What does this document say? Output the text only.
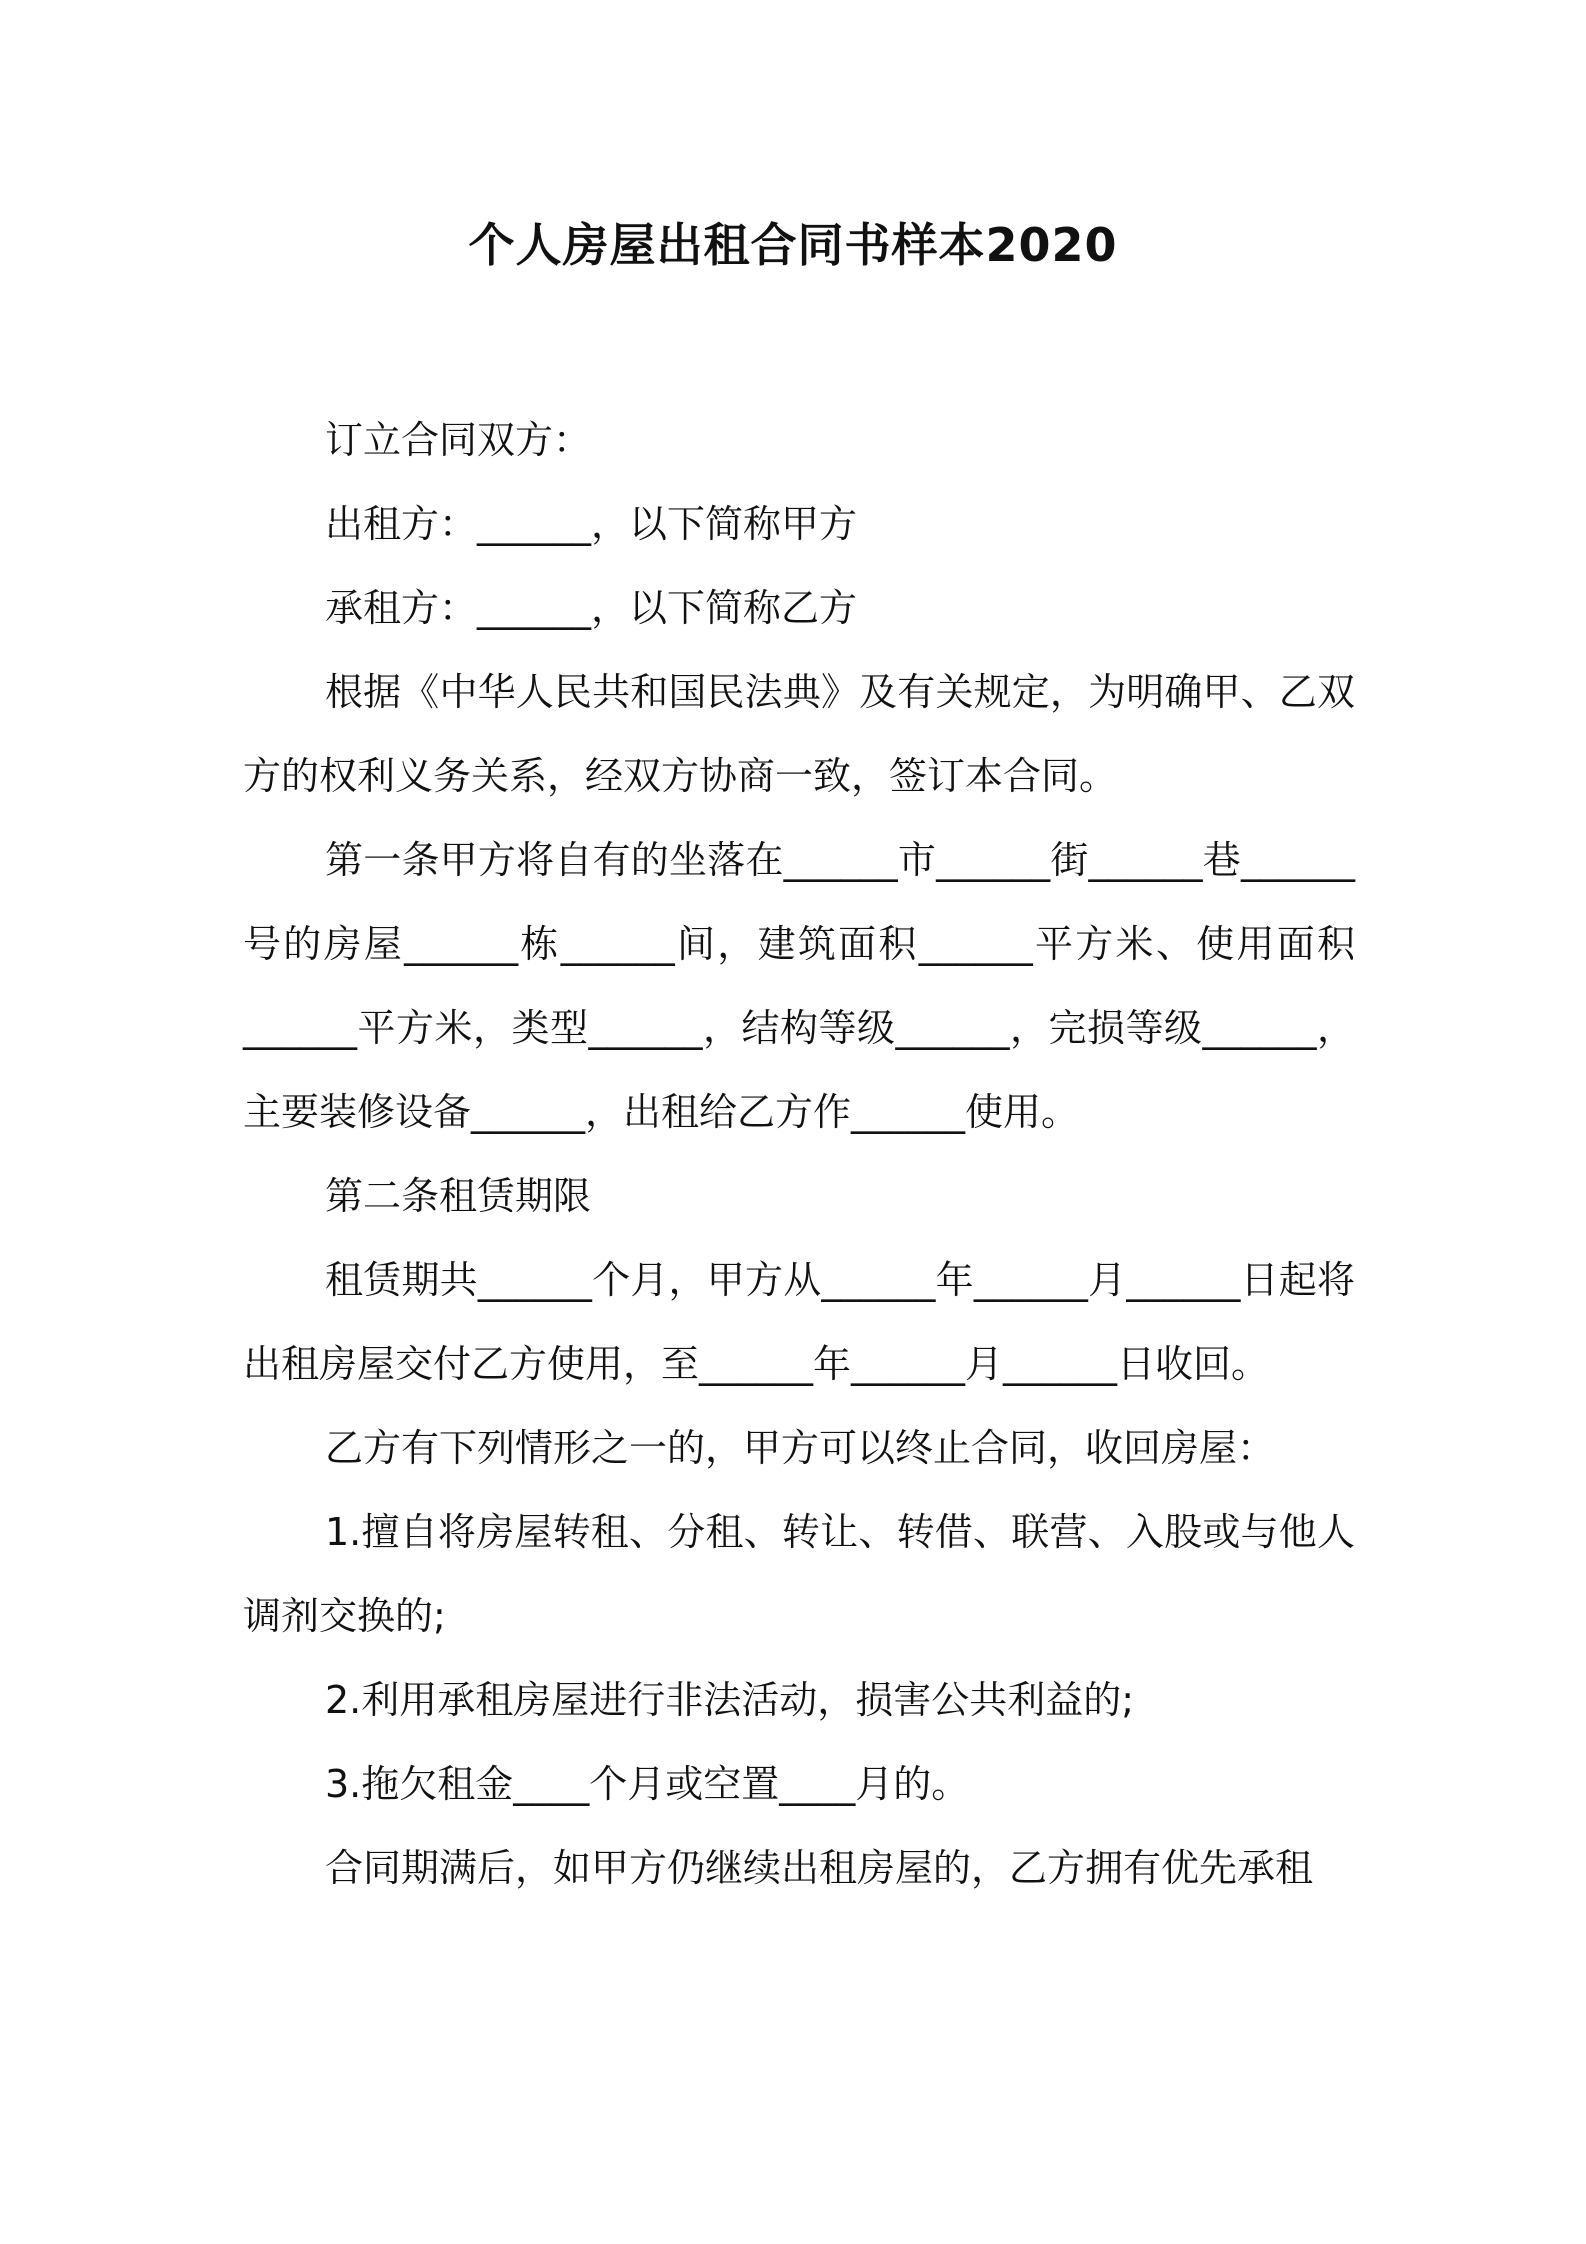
个人房屋出租合同书样本2020

订立合同双方：

出租方：______，以下简称甲方

承租方：______，以下简称乙方

根据《中华人民共和国民法典》及有关规定，为明确甲、乙双方的权利义务关系，经双方协商一致，签订本合同。

第一条甲方将自有的坐落在______市______街______巷______号的房屋______栋______间，建筑面积______平方米、使用面积______平方米，类型______，结构等级______，完损等级______，主要装修设备______，出租给乙方作______使用。

第二条租赁期限

租赁期共______个月，甲方从______年______月______日起将出租房屋交付乙方使用，至______年______月______日收回。

乙方有下列情形之一的，甲方可以终止合同，收回房屋：

1.擅自将房屋转租、分租、转让、转借、联营、入股或与他人调剂交换的;

2.利用承租房屋进行非法活动，损害公共利益的;

3.拖欠租金____个月或空置____月的。

合同期满后，如甲方仍继续出租房屋的，乙方拥有优先承租
